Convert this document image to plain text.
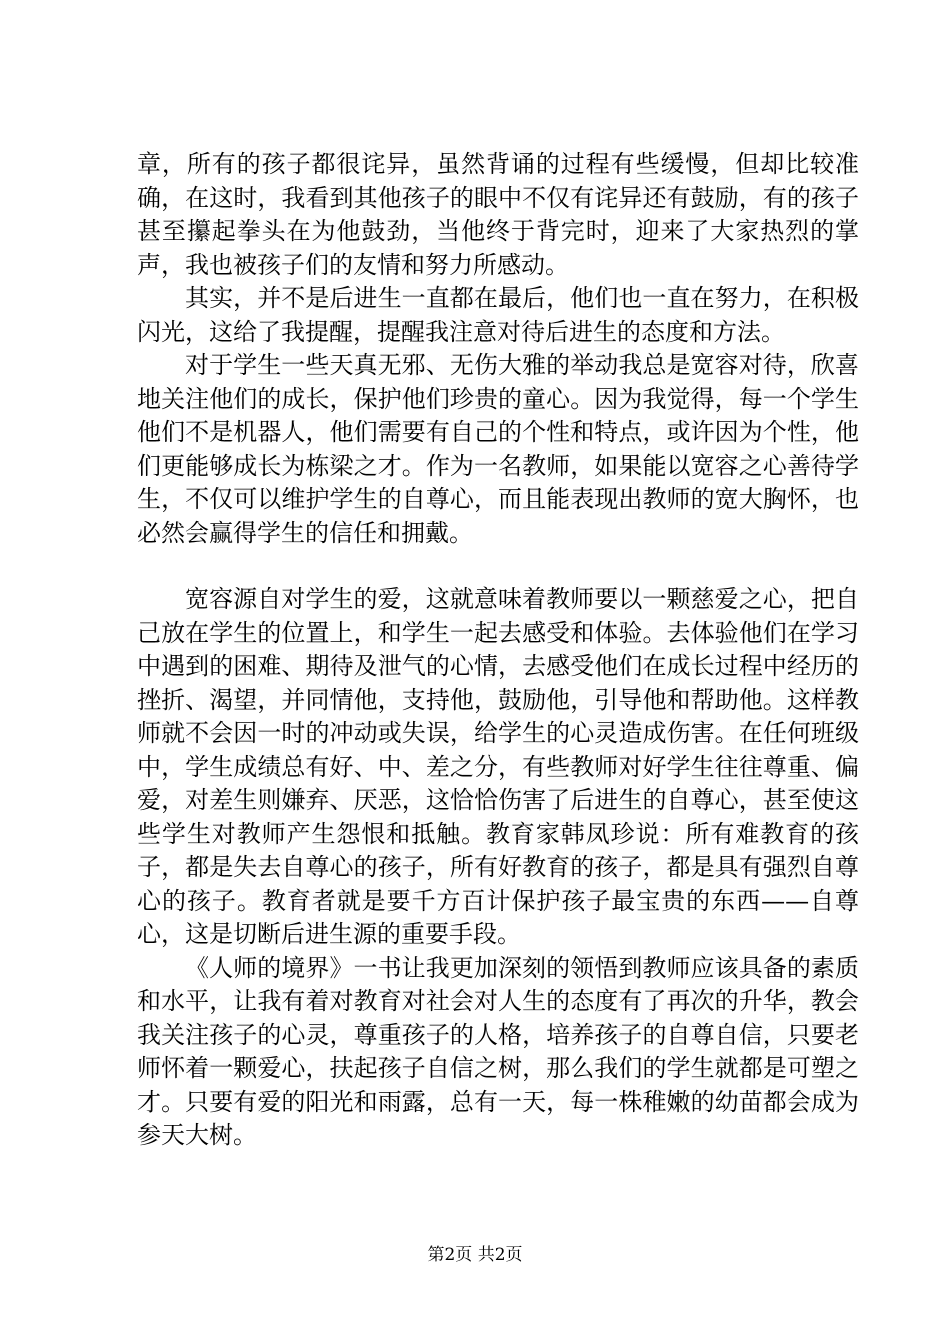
章，所有的孩子都很诧异，虽然背诵的过程有些缓慢，但却比较准确，在这时，我看到其他孩子的眼中不仅有诧异还有鼓励，有的孩子甚至攥起拳头在为他鼓劲，当他终于背完时，迎来了大家热烈的掌声，我也被孩子们的友情和努力所感动。

其实，并不是后进生一直都在最后，他们也一直在努力，在积极闪光，这给了我提醒，提醒我注意对待后进生的态度和方法。

对于学生一些天真无邪、无伤大雅的举动我总是宽容对待，欣喜地关注他们的成长，保护他们珍贵的童心。因为我觉得，每一个学生他们不是机器人，他们需要有自己的个性和特点，或许因为个性，他们更能够成长为栋梁之才。作为一名教师，如果能以宽容之心善待学生，不仅可以维护学生的自尊心，而且能表现出教师的宽大胸怀，也必然会赢得学生的信任和拥戴。

宽容源自对学生的爱，这就意味着教师要以一颗慈爱之心，把自己放在学生的位置上，和学生一起去感受和体验。去体验他们在学习中遇到的困难、期待及泄气的心情，去感受他们在成长过程中经历的挫折、渴望，并同情他，支持他，鼓励他，引导他和帮助他。这样教师就不会因一时的冲动或失误，给学生的心灵造成伤害。在任何班级中，学生成绩总有好、中、差之分，有些教师对好学生往往尊重、偏爱，对差生则嫌弃、厌恶，这恰恰伤害了后进生的自尊心，甚至使这些学生对教师产生怨恨和抵触。教育家韩凤珍说：所有难教育的孩子，都是失去自尊心的孩子，所有好教育的孩子，都是具有强烈自尊心的孩子。教育者就是要千方百计保护孩子最宝贵的东西——自尊心，这是切断后进生源的重要手段。

《人师的境界》一书让我更加深刻的领悟到教师应该具备的素质和水平，让我有着对教育对社会对人生的态度有了再次的升华，教会我关注孩子的心灵，尊重孩子的人格，培养孩子的自尊自信，只要老师怀着一颗爱心，扶起孩子自信之树，那么我们的学生就都是可塑之才。只要有爱的阳光和雨露，总有一天，每一株稚嫩的幼苗都会成为参天大树。

第2页 共2页
